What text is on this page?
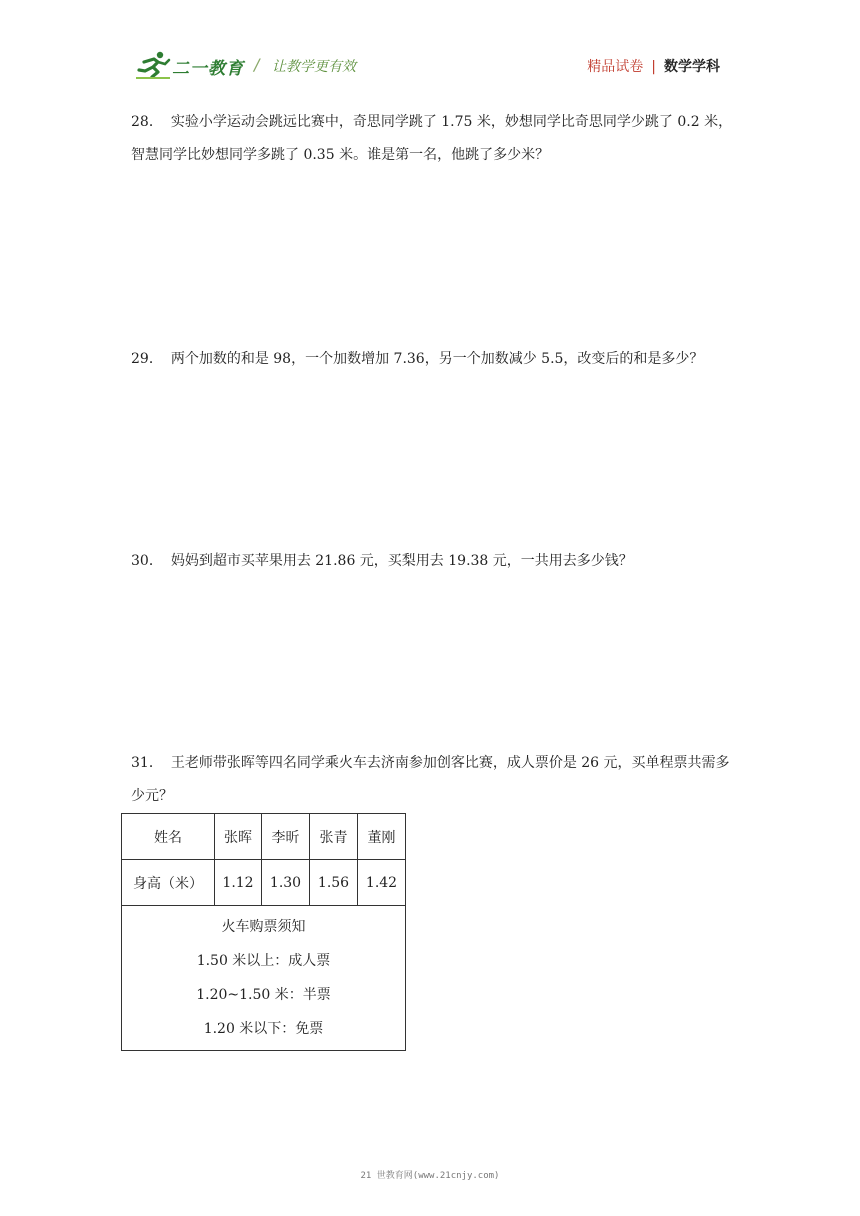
二一教育 / 让教学更有效	精品试卷 | 数学学科
28． 实验小学运动会跳远比赛中，奇思同学跳了 1.75 米，妙想同学比奇思同学少跳了 0.2 米，智慧同学比妙想同学多跳了 0.35 米。谁是第一名，他跳了多少米？
29． 两个加数的和是 98，一个加数增加 7.36，另一个加数减少 5.5，改变后的和是多少？
30． 妈妈到超市买苹果用去 21.86 元，买梨用去 19.38 元，一共用去多少钱？
31． 王老师带张晖等四名同学乘火车去济南参加创客比赛，成人票价是 26 元，买单程票共需多少元？
姓名	张晖	李昕	张青	董刚
身高（米）	1.12	1.30	1.56	1.42

火车购票须知
1.50 米以上：成人票
1.20~1.50 米：半票
1.20 米以下：免票				
21 世教育网(www.21cnjy.com)
